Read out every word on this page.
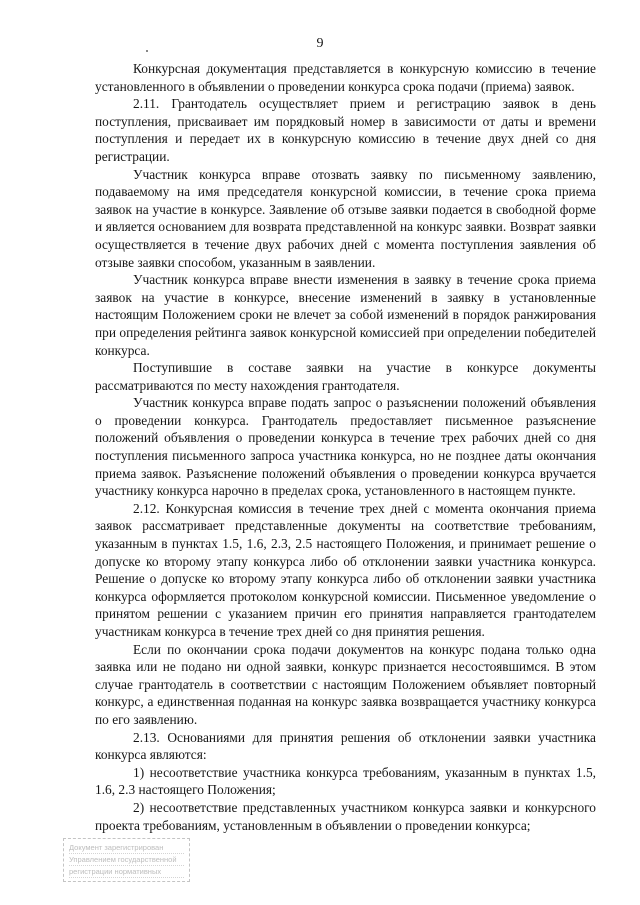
9

Конкурсная документация представляется в конкурсную комиссию в течение установленного в объявлении о проведении конкурса срока подачи (приема) заявок.

2.11. Грантодатель осуществляет прием и регистрацию заявок в день поступления, присваивает им порядковый номер в зависимости от даты и времени поступления и передает их в конкурсную комиссию в течение двух дней со дня регистрации.

Участник конкурса вправе отозвать заявку по письменному заявлению, подаваемому на имя председателя конкурсной комиссии, в течение срока приема заявок на участие в конкурсе. Заявление об отзыве заявки подается в свободной форме и является основанием для возврата представленной на конкурс заявки. Возврат заявки осуществляется в течение двух рабочих дней с момента поступления заявления об отзыве заявки способом, указанным в заявлении.

Участник конкурса вправе внести изменения в заявку в течение срока приема заявок на участие в конкурсе, внесение изменений в заявку в установленные настоящим Положением сроки не влечет за собой изменений в порядок ранжирования при определения рейтинга заявок конкурсной комиссией при определении победителей конкурса.

Поступившие в составе заявки на участие в конкурсе документы рассматриваются по месту нахождения грантодателя.

Участник конкурса вправе подать запрос о разъяснении положений объявления о проведении конкурса. Грантодатель предоставляет письменное разъяснение положений объявления о проведении конкурса в течение трех рабочих дней со дня поступления письменного запроса участника конкурса, но не позднее даты окончания приема заявок. Разъяснение положений объявления о проведении конкурса вручается участнику конкурса нарочно в пределах срока, установленного в настоящем пункте.

2.12. Конкурсная комиссия в течение трех дней с момента окончания приема заявок рассматривает представленные документы на соответствие требованиям, указанным в пунктах 1.5, 1.6, 2.3, 2.5 настоящего Положения, и принимает решение о допуске ко второму этапу конкурса либо об отклонении заявки участника конкурса. Решение о допуске ко второму этапу конкурса либо об отклонении заявки участника конкурса оформляется протоколом конкурсной комиссии. Письменное уведомление о принятом решении с указанием причин его принятия направляется грантодателем участникам конкурса в течение трех дней со дня принятия решения.

Если по окончании срока подачи документов на конкурс подана только одна заявка или не подано ни одной заявки, конкурс признается несостоявшимся. В этом случае грантодатель в соответствии с настоящим Положением объявляет повторный конкурс, а единственная поданная на конкурс заявка возвращается участнику конкурса по его заявлению.

2.13. Основаниями для принятия решения об отклонении заявки участника конкурса являются:

1) несоответствие участника конкурса требованиям, указанным в пунктах 1.5, 1.6, 2.3 настоящего Положения;

2) несоответствие представленных участником конкурса заявки и конкурсного проекта требованиям, установленным в объявлении о проведении конкурса;

Документ зарегистрирован
Управлением государственной
регистрации нормативных
